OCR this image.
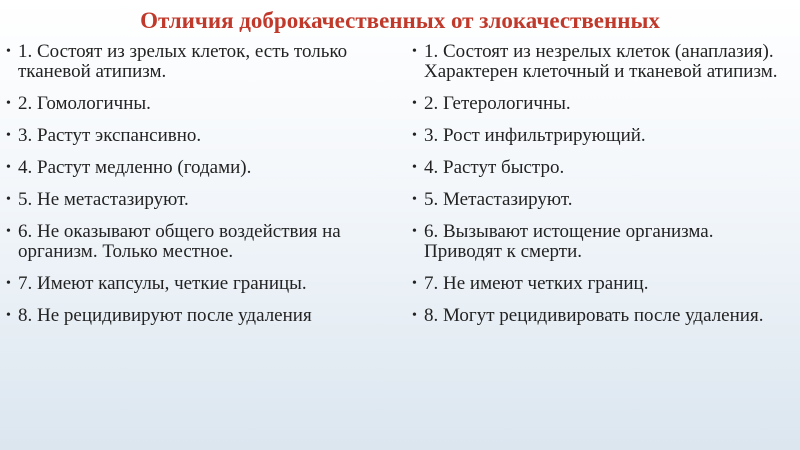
Отличия доброкачественных от злокачественных
• 1. Состоят из зрелых клеток, есть только тканевой атипизм.
• 2. Гомологичны.
• 3. Растут экспансивно.
• 4. Растут медленно (годами).
• 5. Не метастазируют.
• 6. Не оказывают общего воздействия на организм. Только местное.
• 7. Имеют капсулы, четкие границы.
• 8. Не рецидивируют после удаления
• 1. Состоят из незрелых клеток (анаплазия). Характерен клеточный и тканевой атипизм.
• 2. Гетерологичны.
• 3. Рост инфильтрирующий.
• 4. Растут быстро.
• 5. Метастазируют.
• 6. Вызывают истощение организма. Приводят к смерти.
• 7. Не имеют четких границ.
• 8. Могут рецидивировать после удаления.
